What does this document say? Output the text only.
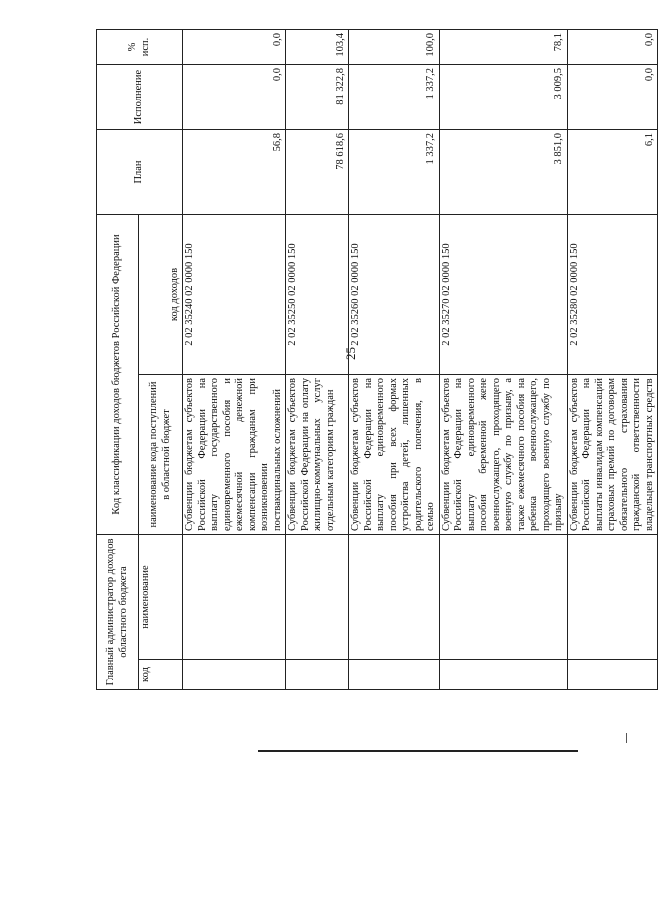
25
Главный администратор доходов областного бюджета		Код классификации доходов бюджетов Российской Федерации		План	Исполнение	% исп.
код	наименование	наименование кода поступлений в областной бюджет	код доходов			
		Субвенции бюджетам субъектов Российской Федерации на выплату государственного единовременного пособия и ежемесячной денежной компенсации гражданам при возникновении поствакцинальных осложнений	2 02 35240 02 0000 150	56,8	0,0	0,0
		Субвенции бюджетам субъектов Российской Федерации на оплату жилищно-коммунальных услуг отдельным категориям граждан	2 02 35250 02 0000 150	78 618,6	81 322,8	103,4
		Субвенции бюджетам субъектов Российской Федерации на выплату единовременного пособия при всех формах устройства детей, лишенных родительского попечения, в семью	2 02 35260 02 0000 150	1 337,2	1 337,2	100,0
		Субвенции бюджетам субъектов Российской Федерации на выплату единовременного пособия беременной жене военнослужащего, проходящего военную службу по призыву, а также ежемесячного пособия на ребенка военнослужащего, проходящего военную службу по призыву	2 02 35270 02 0000 150	3 851,0	3 009,5	78,1
		Субвенции бюджетам субъектов Российской Федерации на выплаты инвалидам компенсаций страховых премий по договорам обязательного страхования гражданской ответственности владельцев транспортных средств	2 02 35280 02 0000 150	6,1	0,0	0,0
